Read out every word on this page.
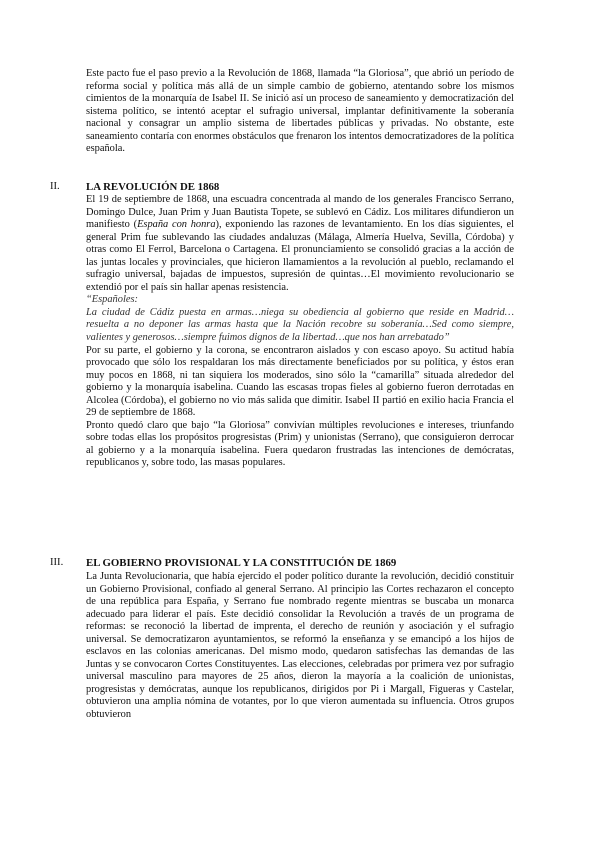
Este pacto fue el paso previo a la Revolución de 1868, llamada “la Gloriosa”, que abrió un período de reforma social y política más allá de un simple cambio de gobierno, atentando sobre los mismos cimientos de la monarquía de Isabel II. Se inició así un proceso de saneamiento y democratización del sistema político, se intentó aceptar el sufragio universal, implantar definitivamente la soberanía nacional y consagrar un amplio sistema de libertades públicas y privadas. No obstante, este saneamiento contaría con enormes obstáculos que frenaron los intentos democratizadores de la política española.

II. LA REVOLUCIÓN DE 1868

El 19 de septiembre de 1868, una escuadra concentrada al mando de los generales Francisco Serrano, Domingo Dulce, Juan Prim y Juan Bautista Topete, se sublevó en Cádiz. Los militares difundieron un manifiesto (España con honra), exponiendo las razones de levantamiento. En los días siguientes, el general Prim fue sublevando las ciudades andaluzas (Málaga, Almería Huelva, Sevilla, Córdoba) y otras como El Ferrol, Barcelona o Cartagena. El pronunciamiento se consolidó gracias a la acción de las juntas locales y provinciales, que hicieron llamamientos a la revolución al pueblo, reclamando el sufragio universal, bajadas de impuestos, supresión de quintas…El movimiento revolucionario se extendió por el país sin hallar apenas resistencia.

“Españoles:

La ciudad de Cádiz puesta en armas…niega su obediencia al gobierno que reside en Madrid…resuelta a no deponer las armas hasta que la Nación recobre su soberanía…Sed como siempre, valientes y generosos…siempre fuimos dignos de la libertad…que nos han arrebatado”

Por su parte, el gobierno y la corona, se encontraron aislados y con escaso apoyo. Su actitud había provocado que sólo los respaldaran los más directamente beneficiados por su política, y éstos eran muy pocos en 1868, ni tan siquiera los moderados, sino sólo la “camarilla” situada alrededor del gobierno y la monarquía isabelina. Cuando las escasas tropas fieles al gobierno fueron derrotadas en Alcolea (Córdoba), el gobierno no vio más salida que dimitir. Isabel II partió en exilio hacia Francia el 29 de septiembre de 1868.

Pronto quedó claro que bajo “la Gloriosa” convivían múltiples revoluciones e intereses, triunfando sobre todas ellas los propósitos progresistas (Prim) y unionistas (Serrano), que consiguieron derrocar al gobierno y a la monarquía isabelina. Fuera quedaron frustradas las intenciones de demócratas, republicanos y, sobre todo, las masas populares.

III. EL GOBIERNO PROVISIONAL Y LA CONSTITUCIÓN DE 1869

La Junta Revolucionaria, que había ejercido el poder político durante la revolución, decidió constituir un Gobierno Provisional, confiado al general Serrano. Al principio las Cortes rechazaron el concepto de una república para España, y Serrano fue nombrado regente mientras se buscaba un monarca adecuado para liderar el país. Este decidió consolidar la Revolución a través de un programa de reformas: se reconoció la libertad de imprenta, el derecho de reunión y asociación y el sufragio universal. Se democratizaron ayuntamientos, se reformó la enseñanza y se emancipó a los hijos de esclavos en las colonias americanas. Del mismo modo, quedaron satisfechas las demandas de las Juntas y se convocaron Cortes Constituyentes. Las elecciones, celebradas por primera vez por sufragio universal masculino para mayores de 25 años, dieron la mayoría a la coalición de unionistas, progresistas y demócratas, aunque los republicanos, dirigidos por Pi i Margall, Figueras y Castelar, obtuvieron una amplia nómina de votantes, por lo que vieron aumentada su influencia. Otros grupos obtuvieron
